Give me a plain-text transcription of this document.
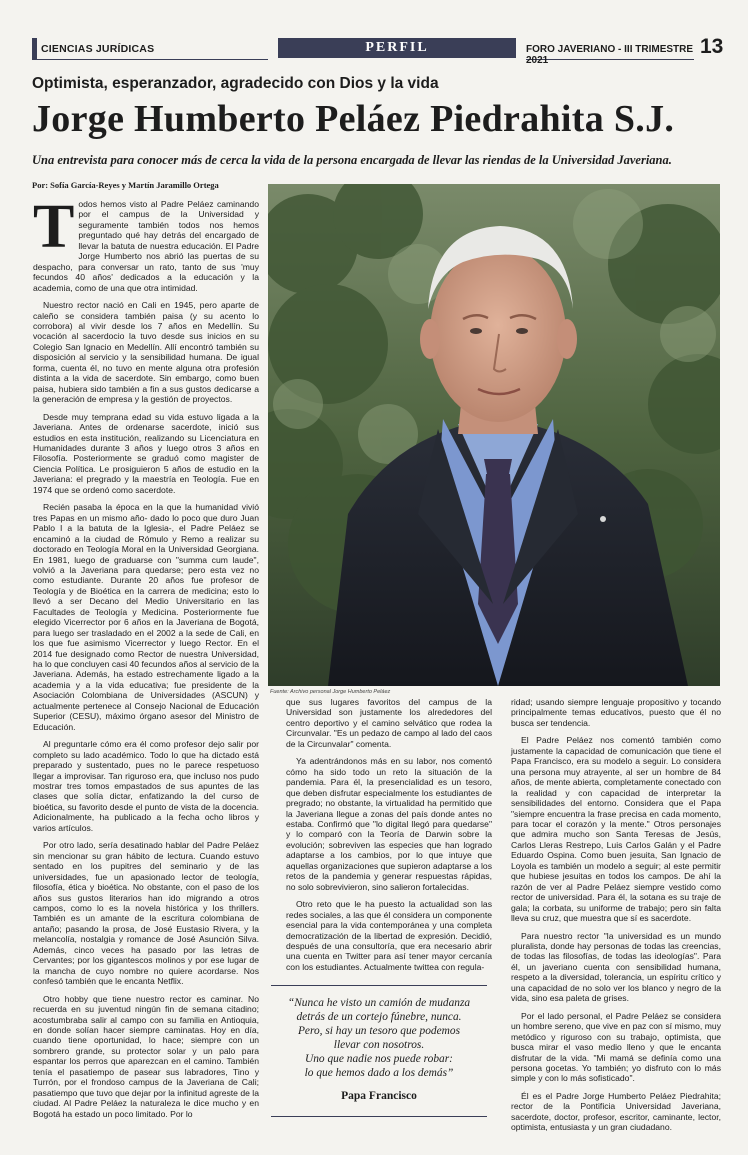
CIENCIAS JURÍDICAS	PERFIL	FORO JAVERIANO - III TRIMESTRE 2021
13
Optimista, esperanzador, agradecido con Dios y la vida
Jorge Humberto Peláez Piedrahita S.J.
Una entrevista para conocer más de cerca la vida de la persona encargada de llevar las riendas de la Universidad Javeriana.
Por: Sofía García-Reyes y Martín Jaramillo Ortega
Fuente: Archivo personal Jorge Humberto Peláez

Todos hemos visto al Padre Peláez caminando por el campus de la Universidad y seguramente también todos nos hemos preguntado qué hay detrás del encargado de llevar la batuta de nuestra educación. El Padre Jorge Humberto nos abrió las puertas de su despacho, para conversar un rato, tanto de sus 'muy fecundos 40 años' dedicados a la educación y la academia, como de una que otra intimidad.

Nuestro rector nació en Cali en 1945, pero aparte de caleño se considera también paisa (y su acento lo corrobora) al vivir desde los 7 años en Medellín. Su vocación al sacerdocio la tuvo desde sus inicios en su Colegio San Ignacio en Medellín. Allí encontró también su disposición al servicio y la sensibilidad humana. De igual forma, cuenta él, no tuvo en mente alguna otra profesión distinta a la vida de sacerdote. Sin embargo, como buen paisa, hubiera sido también a fin a sus gustos dedicarse a la generación de empresa y la gestión de proyectos.

Desde muy temprana edad su vida estuvo ligada a la Javeriana. Antes de ordenarse sacerdote, inició sus estudios en esta institución, realizando su Licenciatura en Humanidades durante 3 años y luego otros 3 años en Filosofía. Posteriormente se graduó como magister de Ciencia Política. Le prosiguieron 5 años de estudio en la Javeriana: el pregrado y la maestría en Teología. Fue en 1974 que se ordenó como sacerdote.

Recién pasaba la época en la que la humanidad vivió tres Papas en un mismo año- dado lo poco que duro Juan Pablo I a la batuta de la Iglesia-, el Padre Peláez se encaminó a la ciudad de Rómulo y Remo a realizar su doctorado en Teología Moral en la Universidad Georgiana. En 1981, luego de graduarse con "summa cum laude", volvió a la Javeriana para quedarse; pero esta vez no como estudiante. Durante 20 años fue profesor de Teología y de Bioética en la carrera de medicina; esto lo llevó a ser Decano del Medio Universitario en las Facultades de Teología y Medicina. Posteriormente fue elegido Vicerrector por 6 años en la Javeriana de Bogotá, para luego ser trasladado en el 2002 a la sede de Cali, en los que fue asimismo Vicerrector y luego Rector. En el 2014 fue designado como Rector de nuestra Universidad, ha lo que concluyen casi 40 fecundos años al servicio de la Javeriana. Además, ha estado estrechamente ligado a la academia y a la vida educativa; fue presidente de la Asociación Colombiana de Universidades (ASCUN) y actualmente pertenece al Consejo Nacional de Educación Superior (CESU), máximo órgano asesor del Ministro de Educación.

Al preguntarle cómo era él como profesor dejo salir por completo su lado académico. Todo lo que ha dictado está preparado y sustentado, pues no le parece respetuoso llegar a improvisar. Tan riguroso era, que incluso nos pudo mostrar tres tomos empastados de sus apuntes de las clases que solía dictar, enfatizando la del curso de bioética, su favorito desde el punto de vista de la docencia. Adicionalmente, ha publicado a la fecha ocho libros y varios artículos.

Por otro lado, sería desatinado hablar del Padre Peláez sin mencionar su gran hábito de lectura. Cuando estuvo sentado en los pupitres del seminario y de las universidades, fue un apasionado lector de teología, filosofía, ética y bioética. No obstante, con el paso de los años sus gustos literarios han ido migrando a otros campos, como lo es la novela histórica y los thrillers. También es un amante de la escritura colombiana de antaño; pasando la prosa, de José Eustasio Rivera, y la melancolía, nostalgia y romance de José Asunción Silva. Además, cinco veces ha pasado por las letras de Cervantes; por los gigantescos molinos y por ese lugar de la mancha de cuyo nombre no quiere acordarse. Nos confesó también que le encanta Netflix.

Otro hobby que tiene nuestro rector es caminar. No recuerda en su juventud ningún fin de semana citadino; acostumbraba salir al campo con su familia en Antioquia, en donde solían hacer siempre caminatas. Hoy en día, cuando tiene oportunidad, lo hace; siempre con un sombrero grande, su protector solar y un palo para espantar los perros que aparezcan en el camino. También tenía el pasatiempo de pasear sus labradores, Tino y Turrón, por el frondoso campus de la Javeriana de Cali; pasatiempo que tuvo que dejar por la infinitud agreste de la ciudad. Al Padre Peláez la naturaleza le dice mucho y en Bogotá ha estado un poco limitado. Por lo

que sus lugares favoritos del campus de la Universidad son justamente los alrededores del centro deportivo y el camino selvático que rodea la Circunvalar. "Es un pedazo de campo al lado del caos de la Circunvalar" comenta.

Ya adentrándonos más en su labor, nos comentó cómo ha sido todo un reto la situación de la pandemia. Para él, la presencialidad es un tesoro, que deben disfrutar especialmente los estudiantes de pregrado; no obstante, la virtualidad ha permitido que la Javeriana llegue a zonas del país donde antes no estaba. Confirmó que "lo digital llegó para quedarse" y lo comparó con la Teoría de Darwin sobre la evolución; sobreviven las especies que han logrado adaptarse a los cambios, por lo que intuye que aquellas organizaciones que supieron adaptarse a los retos de la pandemia y generar respuestas rápidas, no solo sobrevivieron, sino salieron fortalecidas.

Otro reto que le ha puesto la actualidad son las redes sociales, a las que él considera un componente esencial para la vida contemporánea y una completa democratización de la libertad de expresión. Decidió, después de una consultoría, que era necesario abrir una cuenta en Twitter para así tener mayor cercanía con los estudiantes. Actualmente twittea con regula-

“Nunca he visto un camión de mudanza
detrás de un cortejo fúnebre, nunca.
Pero, si hay un tesoro que podemos
llevar con nosotros.
Uno que nadie nos puede robar:
lo que hemos dado a los demás”
Papa Francisco

ridad; usando siempre lenguaje propositivo y tocando principalmente temas educativos, puesto que él no busca ser tendencia.

El Padre Peláez nos comentó también como justamente la capacidad de comunicación que tiene el Papa Francisco, era su modelo a seguir. Lo considera una persona muy atrayente, al ser un hombre de 84 años, de mente abierta, completamente conectado con la realidad y con capacidad de interpretar la sensibilidades del entorno. Considera que el Papa "siempre encuentra la frase precisa en cada momento, para tocar el corazón y la mente." Otros personajes que admira mucho son Santa Teresas de Jesús, Carlos Lleras Restrepo, Luis Carlos Galán y el Padre Eduardo Ospina. Como buen jesuita, San Ignacio de Loyola es también un modelo a seguir; al este permitir que hubiese jesuitas en todos los campos. De ahí la razón de ver al Padre Peláez siempre vestido como rector de universidad. Para él, la sotana es su traje de gala; la corbata, su uniforme de trabajo; pero sin falta lleva su cruz, que muestra que sí es sacerdote.

Para nuestro rector "la universidad es un mundo pluralista, donde hay personas de todas las creencias, de todas las filosofías, de todas las ideologías". Para él, un javeriano cuenta con sensibilidad humana, respeto a la diversidad, tolerancia, un espíritu crítico y una capacidad de no solo ver los blanco y negro de la vida, sino esa paleta de grises.

Por el lado personal, el Padre Peláez se considera un hombre sereno, que vive en paz con sí mismo, muy metódico y riguroso con su trabajo, optimista, que busca mirar el vaso medio lleno y que le encanta disfrutar de la vida. "Mi mamá se definía como una persona gocetas. Yo también; yo disfruto con lo más simple y con lo más sofisticado".

Él es el Padre Jorge Humberto Peláez Piedrahita; rector de la Pontificia Universidad Javeriana, sacerdote, doctor, profesor, escritor, caminante, lector, optimista, entusiasta y un gran ciudadano.
